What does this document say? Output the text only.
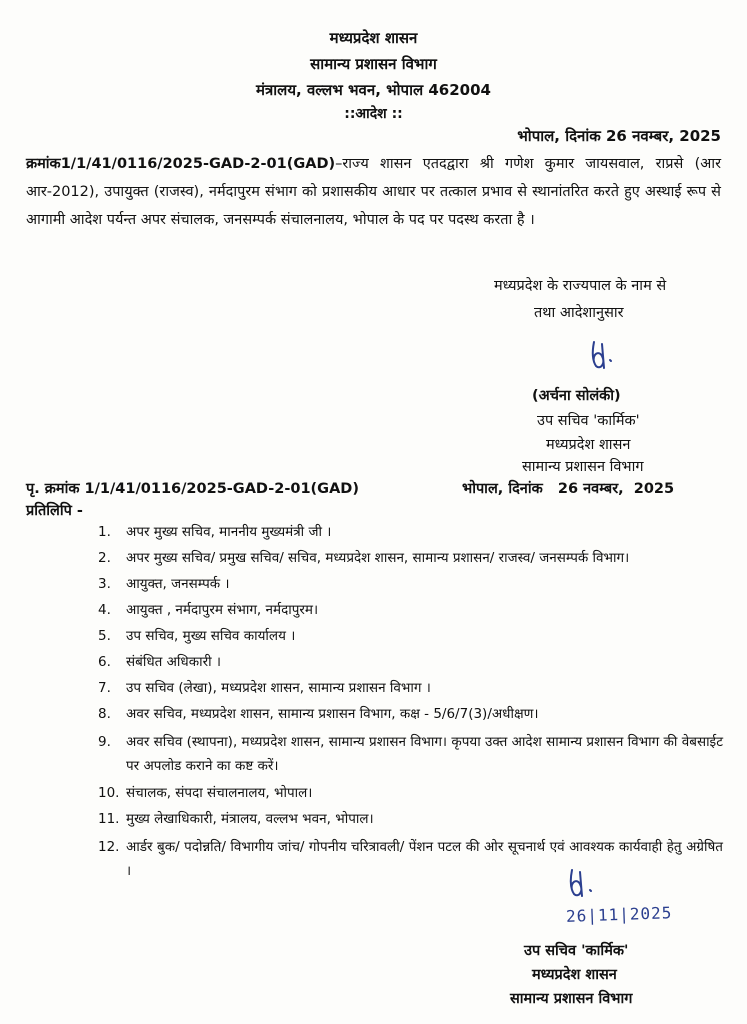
मध्यप्रदेश शासन
सामान्य प्रशासन विभाग
मंत्रालय, वल्लभ भवन, भोपाल 462004
::आदेश ::
भोपाल, दिनांक 26 नवम्बर, 2025
क्रमांक1/1/41/0116/2025-GAD-2-01(GAD)–राज्य शासन एतदद्वारा श्री गणेश कुमार जायसवाल, राप्रसे (आर आर-2012), उपायुक्त (राजस्व), नर्मदापुरम संभाग को प्रशासकीय आधार पर तत्काल प्रभाव से स्थानांतरित करते हुए अस्थाई रूप से आगामी आदेश पर्यन्त अपर संचालक, जनसम्पर्क संचालनालय, भोपाल के पद पर पदस्थ करता है ।
मध्यप्रदेश के राज्यपाल के नाम से
तथा आदेशानुसार
(अर्चना सोलंकी)
उप सचिव 'कार्मिक'
मध्यप्रदेश शासन
सामान्य प्रशासन विभाग
पृ. क्रमांक 1/1/41/0116/2025-GAD-2-01(GAD)	भोपाल, दिनांक   26 नवम्बर,  2025
प्रतिलिपि -
1. अपर मुख्य सचिव, माननीय मुख्यमंत्री जी ।
2. अपर मुख्य सचिव/ प्रमुख सचिव/ सचिव, मध्यप्रदेश शासन, सामान्य प्रशासन/ राजस्व/ जनसम्पर्क विभाग।
3. आयुक्त, जनसम्पर्क ।
4. आयुक्त , नर्मदापुरम संभाग, नर्मदापुरम।
5. उप सचिव, मुख्य सचिव कार्यालय ।
6. संबंधित अधिकारी ।
7. उप सचिव (लेखा), मध्यप्रदेश शासन, सामान्य प्रशासन विभाग ।
8. अवर सचिव, मध्यप्रदेश शासन, सामान्य प्रशासन विभाग, कक्ष - 5/6/7(3)/अधीक्षण।
9. अवर सचिव (स्थापना), मध्यप्रदेश शासन, सामान्य प्रशासन विभाग। कृपया उक्त आदेश सामान्य प्रशासन विभाग की वेबसाईट पर अपलोड कराने का कष्ट करें।
10. संचालक, संपदा संचालनालय, भोपाल।
11. मुख्य लेखाधिकारी, मंत्रालय, वल्लभ भवन, भोपाल।
12. आर्डर बुक/ पदोन्नति/ विभागीय जांच/ गोपनीय चरित्रावली/ पेंशन पटल की ओर सूचनार्थ एवं आवश्यक कार्यवाही हेतु अग्रेषित ।
26|11|2025
उप सचिव 'कार्मिक'
मध्यप्रदेश शासन
सामान्य प्रशासन विभाग
